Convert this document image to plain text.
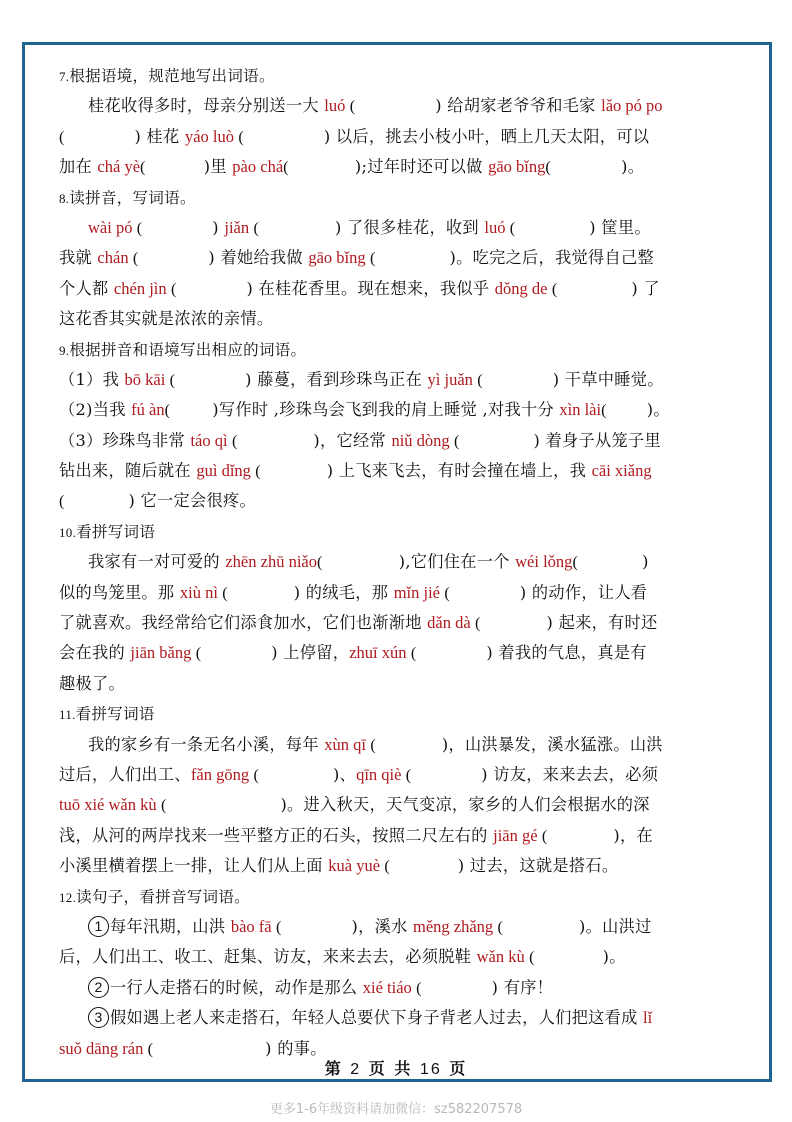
7.根据语境，规范地写出词语。
桂花收得多时，母亲分别送一大 luó (	) 给胡家老爷爷和毛家 lǎo pó po
(	) 桂花 yáo luò (	) 以后，挑去小枝小叶，晒上几天太阳，可以
加在 chá yè(	)里 pào chá(	);过年时还可以做 gāo bǐng(	)。
8.读拼音，写词语。
wài pó (	) jiǎn (	) 了很多桂花，收到 luó (	) 筐里。
我就 chán (	) 着她给我做 gāo bǐng (	)。吃完之后，我觉得自己整
个人都 chén jìn (	) 在桂花香里。现在想来，我似乎 dǒng de (	) 了
这花香其实就是浓浓的亲情。
9.根据拼音和语境写出相应的词语。
（1）我 bō kāi (	) 藤蔓，看到珍珠鸟正在 yì juǎn (	) 干草中睡觉。
（2)当我 fú àn(	)写作时 ,珍珠鸟会飞到我的肩上睡觉 ,对我十分 xìn lài( )。
（3）珍珠鸟非常 táo qì (	)，它经常 niǔ dòng (	) 着身子从笼子里
钻出来，随后就在 guì dǐng (	) 上飞来飞去，有时会撞在墙上，我 cāi xiǎng
(	) 它一定会很疼。
10.看拼写词语
我家有一对可爱的 zhēn zhū niǎo(	),它们住在一个 wéi lǒng(	)
似的鸟笼里。那 xiù nì (	) 的绒毛，那 mǐn jié (	) 的动作，让人看
了就喜欢。我经常给它们添食加水，它们也渐渐地 dǎn dà (	) 起来，有时还
会在我的 jiān bǎng (	) 上停留，zhuī xún (	) 着我的气息，真是有
趣极了。
11.看拼写词语
我的家乡有一条无名小溪，每年 xùn qī (	)，山洪暴发，溪水猛涨。山洪
过后，人们出工、fǎn gōng (	)、qīn qiè (	) 访友，来来去去，必须
tuō xié wǎn kù (	)。进入秋天，天气变凉，家乡的人们会根据水的深
浅，从河的两岸找来一些平整方正的石头，按照二尺左右的 jiān gé (	)，在
小溪里横着摆上一排，让人们从上面 kuà yuè (	) 过去，这就是搭石。
12.读句子，看拼音写词语。
1 每年汛期，山洪 bào fā (	)，溪水 měng zhǎng (	)。山洪过
后，人们出工、收工、赶集、访友，来来去去，必须脱鞋 wǎn kù (	)。
2 一行人走搭石的时候，动作是那么 xié tiáo (	) 有序！
3 假如遇上老人来走搭石，年轻人总要伏下身子背老人过去，人们把这看成 lǐ
suǒ dāng rán (	) 的事。
第 2 页 共 16 页
更多1-6年级资料请加微信：sz582207578
